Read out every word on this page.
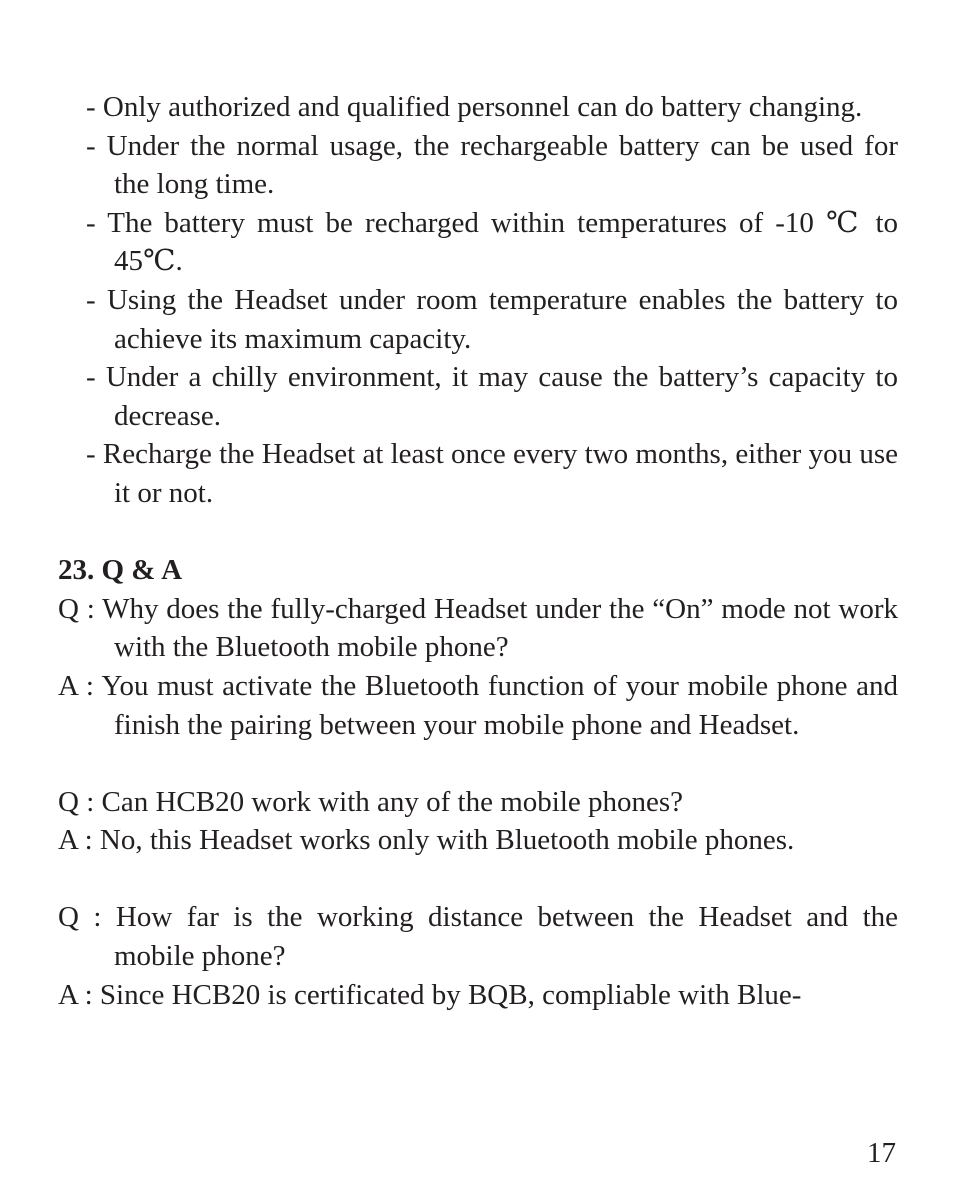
- Only authorized and qualified personnel can do battery changing.
- Under the normal usage, the rechargeable battery can be used for the long time.
- The battery must be recharged within temperatures of -10 ℃ to 45℃.
- Using the Headset under room temperature enables the battery to achieve its maximum capacity.
- Under a chilly environment, it may cause the battery’s capacity to decrease.
- Recharge the Headset at least once every two months, either you use it or not.

23. Q & A

Q : Why does the fully-charged Headset under the “On” mode not work with the Bluetooth mobile phone?

A : You must activate the Bluetooth function of your mobile phone and finish the pairing between your mobile phone and Headset.

Q : Can HCB20 work with any of the mobile phones?

A : No, this Headset works only with Bluetooth mobile phones.

Q : How far is the working distance between the Headset and the mobile phone?

A : Since HCB20 is certificated by BQB, compliable with Blue-

17
